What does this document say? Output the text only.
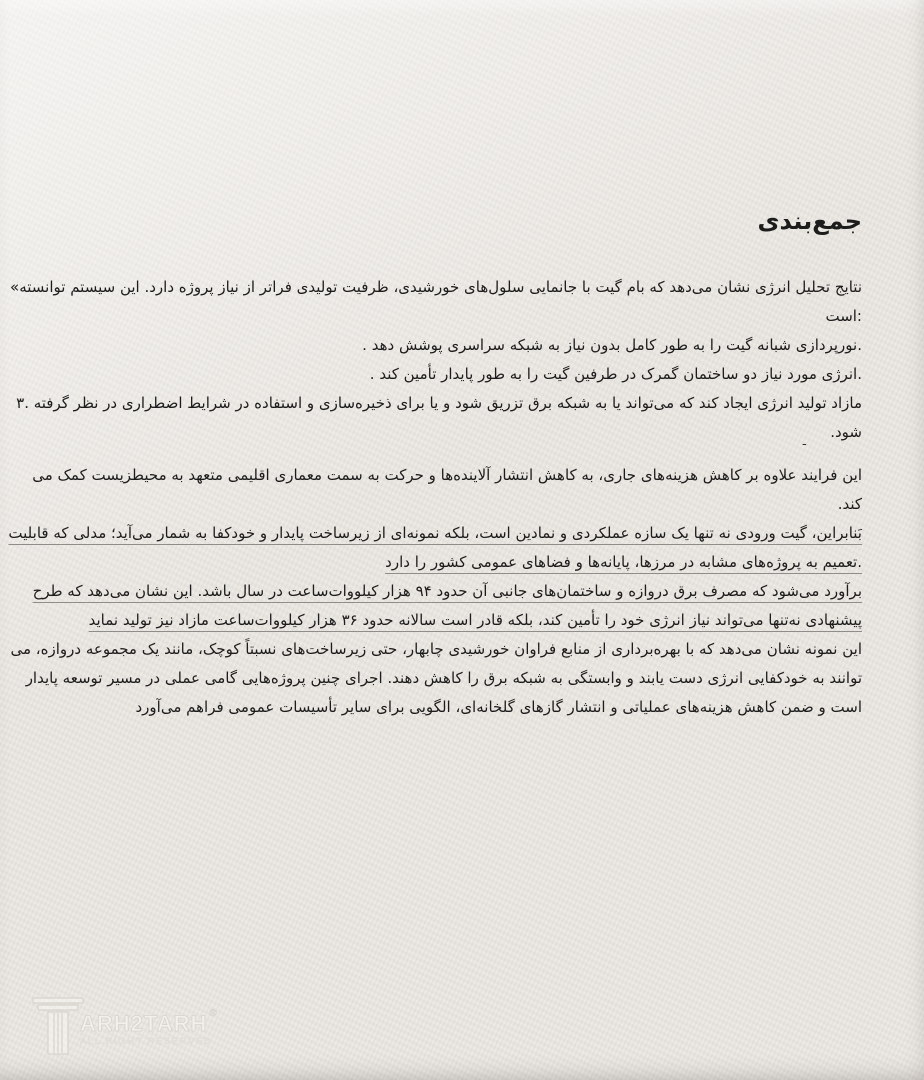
جمع‌بندی
نتایج تحلیل انرژی نشان می‌دهد که بام گیت با جانمایی سلول‌های خورشیدی، ظرفیت تولیدی فراتر از نیاز پروژه دارد. این سیستم توانسته»
:است
.نورپردازی شبانه گیت را به طور کامل بدون نیاز به شبکه سراسری پوشش دهد .
.انرژی مورد نیاز دو ساختمان گمرک در طرفین گیت را به طور پایدار تأمین کند .
مازاد تولید انرژی ایجاد کند که می‌تواند یا به شبکه برق تزریق شود و یا برای ذخیره‌سازی و استفاده در شرایط اضطراری در نظر گرفته .۳
شود.
ـ
این فرایند علاوه بر کاهش هزینه‌های جاری، به کاهش انتشار آلاینده‌ها و حرکت به سمت معماری اقلیمی متعهد به محیطزیست کمک می
کند.
بَنابراین، گیت ورودی نه تنها یک سازه عملکردی و نمادین است، بلکه نمونه‌ای از زیرساخت پایدار و خودکفا به شمار می‌آید؛ مدلی که قابلیت
.تعمیم به پروژه‌های مشابه در مرزها، پایانه‌ها و فضاهای عمومی کشور را دارد
برآورد می‌شود که مصرف برق دروازه و ساختمان‌های جانبی آن حدود ۹۴ هزار کیلووات‌ساعت در سال باشد. این نشان می‌دهد که طرح
پیشنهادی نه‌تنها می‌تواند نیاز انرژی خود را تأمین کند، بلکه قادر است سالانه حدود ۳۶ هزار کیلووات‌ساعت مازاد نیز تولید نماید
این نمونه نشان می‌دهد که با بهره‌برداری از منابع فراوان خورشیدی چابهار، حتی زیرساخت‌های نسبتاً کوچک، مانند یک مجموعه دروازه، می
توانند به خودکفایی انرژی دست یابند و وابستگی به شبکه برق را کاهش دهند. اجرای چنین پروژه‌هایی گامی عملی در مسیر توسعه پایدار
است و ضمن کاهش هزینه‌های عملیاتی و انتشار گازهای گلخانه‌ای، الگویی برای سایر تأسیسات عمومی فراهم می‌آورد
ARH2TARH ®
ALL RIGHT RESERVED
